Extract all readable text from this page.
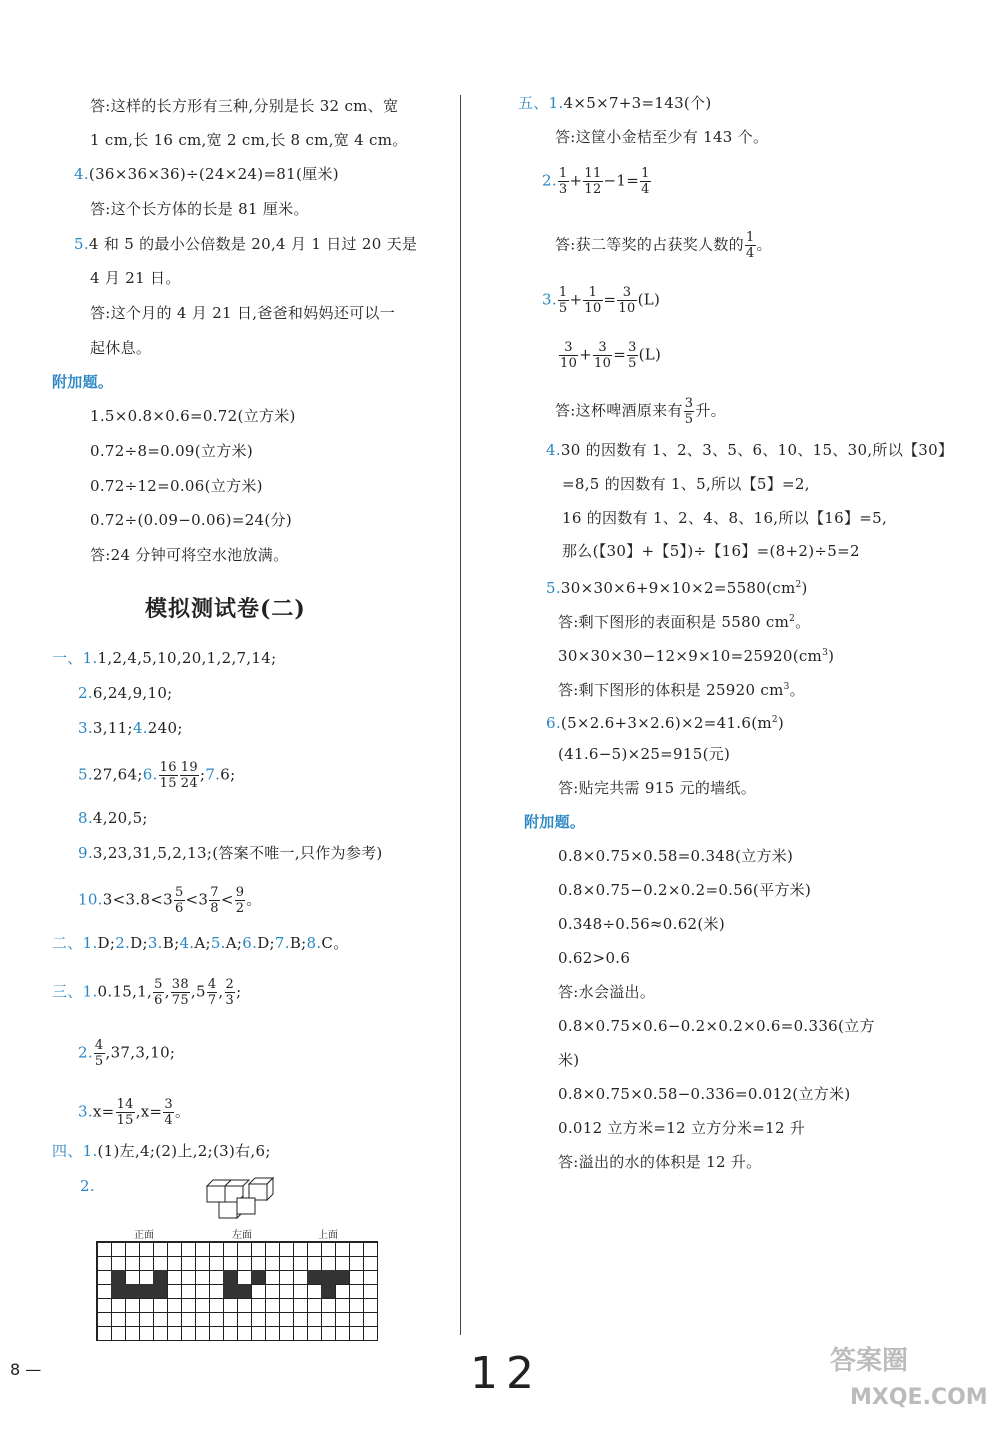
答:这样的长方形有三种,分别是长 32 cm、宽
1 cm,长 16 cm,宽 2 cm,长 8 cm,宽 4 cm。
4.(36×36×36)÷(24×24)=81(厘米)
答:这个长方体的长是 81 厘米。
5.4 和 5 的最小公倍数是 20,4 月 1 日过 20 天是
4 月 21 日。
答:这个月的 4 月 21 日,爸爸和妈妈还可以一
起休息。
附加题。
1.5×0.8×0.6=0.72(立方米)
0.72÷8=0.09(立方米)
0.72÷12=0.06(立方米)
0.72÷(0.09−0.06)=24(分)
答:24 分钟可将空水池放满。
模拟测试卷(二)
一、1.1,2,4,5,10,20,1,2,7,14;
2.6,24,9,10;
3.3,11;4.240;
5.27,64;6. $\frac{16}{15} \frac{19}{24}$ ;7.6;
8.4,20,5;
9.3,23,31,5,2,13;(答案不唯一,只作为参考)
$10.3<3.8<3 \frac{5}{6} <3 \frac{7}{8} < \frac{9}{2}$ 。
二、1.D;2.D;3.B;4.A;5.A;6.D;7.B;8.C。
三、1.0.15,1, $\frac{5}{6}$ , $\frac{38}{75} ,5 \frac{4}{7}$ , $\frac{2}{3}$ ;
2. $\frac{4}{5} ,37,3,10$;
$3.x= \frac{14}{15} ,x= \frac{3}{4}$ 。
四、1.(1)左,4;(2)上,2;(3)右,6;
2.
正面	左面	上面
五、1.4×5×7+3=143(个)
答:这筐小金桔至少有 143 个。
2. $\frac{1}{3} + \frac{11}{12} -1= \frac{1}{4}$
答:获二等奖的占获奖人数的 $\frac{1}{4}$ 。
3. $\frac{1}{5} + \frac{1}{10} = \frac{3}{10} (L)$
$\frac{3}{10} + \frac{3}{10} = \frac{3}{5} (L)$
答:这杯啤酒原来有 $\frac{3}{5}$ 升。
4.30 的因数有 1、2、3、5、6、10、15、30,所以【30】
=8,5 的因数有 1、5,所以【5】=2,
16 的因数有 1、2、4、8、16,所以【16】=5,
那么(【30】+【5】)÷【16】=(8+2)÷5=2
$5.30\times 30\times 6+9\times 10\times 2=5580(cm^2)$
答:剩下图形的表面积是 5580 $cm^2$。
$30\times 30\times 30-12\times 9\times 10=25920(cm^3)$
答:剩下图形的体积是 25920 $cm^3$。
$6.(5\times 2.6+3\times 2.6)\times 2=41.6(m^2)$
(41.6−5)×25=915(元)
答:贴完共需 915 元的墙纸。
附加题。
0.8×0.75×0.58=0.348(立方米)
0.8×0.75−0.2×0.2=0.56(平方米)
0.348÷0.56≈0.62(米)
0.62>0.6
答:水会溢出。
0.8×0.75×0.6−0.2×0.2×0.6=0.336(立方
米)
0.8×0.75×0.58−0.336=0.012(立方米)
0.012 立方米=12 立方分米=12 升
答:溢出的水的体积是 12 升。
8 —	12	答案圈
MXQE.COM
